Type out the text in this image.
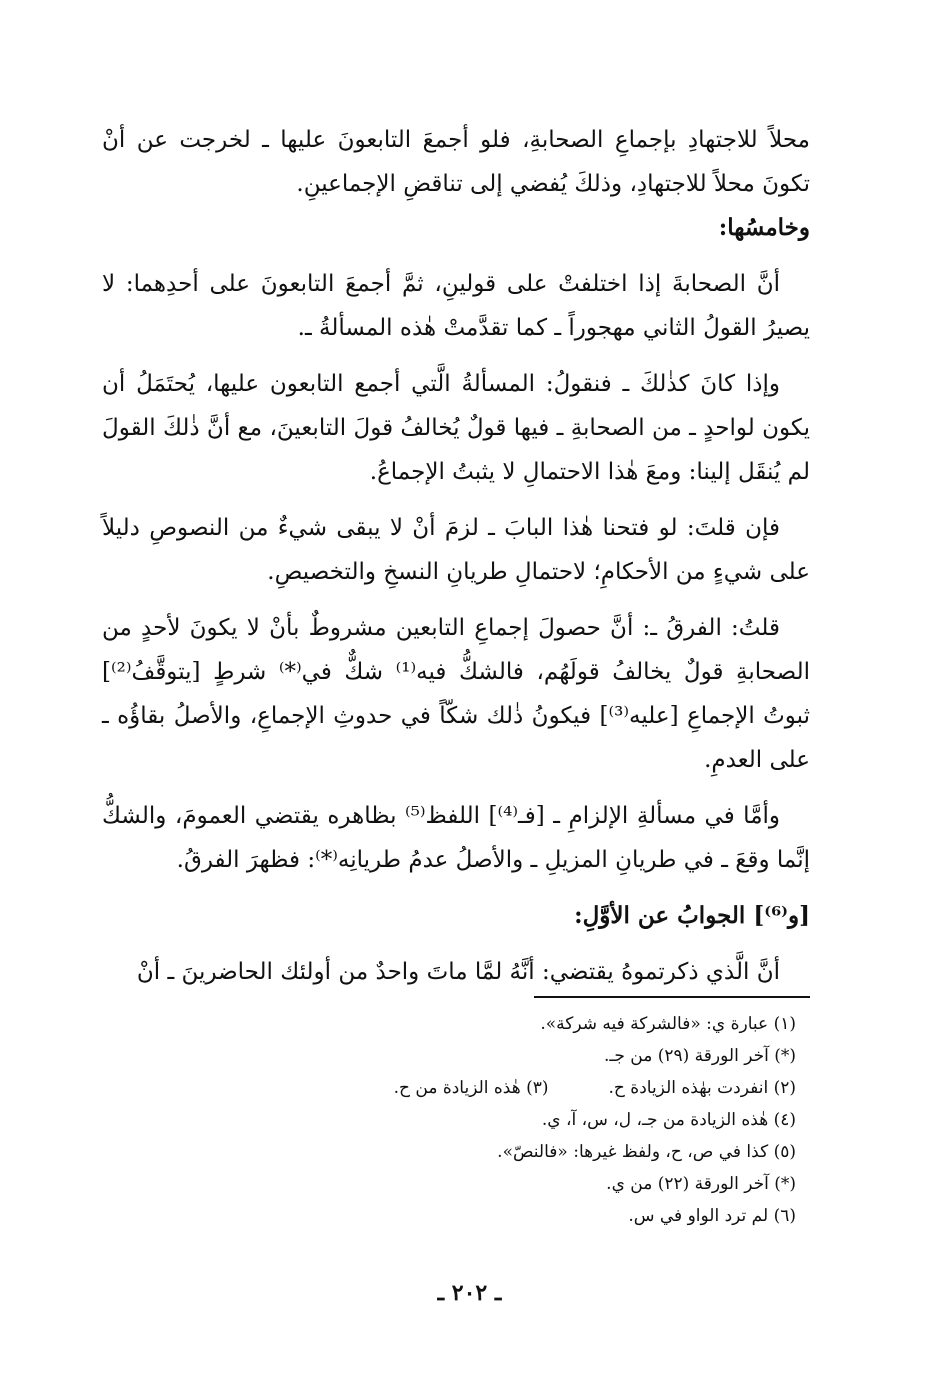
محلاً للاجتهادِ بإجماعِ الصحابةِ، فلو أجمعَ التابعونَ عليها ـ لخرجت عن أنْ تكونَ محلاً للاجتهادِ، وذلكَ يُفضي إلى تناقضِ الإجماعينِ.

وخامسُها:

أنَّ الصحابةَ إذا اختلفتْ على قولينِ، ثمَّ أجمعَ التابعونَ على أحدِهما: لا يصيرُ القولُ الثاني مهجوراً ـ كما تقدَّمتْ هٰذه المسألةُ ـ.

وإذا كانَ كذٰلكَ ـ فنقولُ: المسألةُ الَّتي أجمع التابعون عليها، يُحتَمَلُ أن يكون لواحدٍ ـ من الصحابةِ ـ فيها قولٌ يُخالفُ قولَ التابعينَ، مع أنَّ ذٰلكَ القولَ لم يُنقَل إلينا: ومعَ هٰذا الاحتمالِ لا يثبتُ الإجماعُ.

فإن قلتَ: لو فتحنا هٰذا البابَ ـ لزمَ أنْ لا يبقى شيءٌ من النصوصِ دليلاً على شيءٍ من الأحكامِ؛ لاحتمالِ طريانِ النسخِ والتخصيصِ.

قلتُ: الفرقُ ـ: أنَّ حصولَ إجماعِ التابعين مشروطٌ بأنْ لا يكونَ لأحدٍ من الصحابةِ قولٌ يخالفُ قولَهُم، فالشكُّ فيه⁽¹⁾ شكٌّ في⁽*⁾ شرطٍ [يتوقَّفُ⁽²⁾] ثبوتُ الإجماعِ [عليه⁽³⁾] فيكونُ ذٰلك شكّاً في حدوثِ الإجماعِ، والأصلُ بقاؤُه ـ على العدمِ.

وأمَّا في مسألةِ الإلزامِ ـ [فـ⁽⁴⁾] اللفظ⁽⁵⁾ بظاهره يقتضي العمومَ، والشكُّ إنَّما وقعَ ـ في طريانِ المزيلِ ـ والأصلُ عدمُ طريانِه⁽*⁾: فظهرَ الفرقُ.

[و⁽⁶⁾] الجوابُ عن الأوَّلِ:

أنَّ الَّذي ذكرتموهُ يقتضي: أنَّهُ لمَّا ماتَ واحدٌ من أولئك الحاضرينَ ـ أنْ

(١) عبارة ي: «فالشركة فيه شركة».

(*) آخر الورقة (٢٩) من جـ.

(٢) انفردت بهٰذه الزيادة ح.
(٣) هٰذه الزيادة من ح.

(٤) هٰذه الزيادة من جـ، ل، س، آ، ي.

(٥) كذا في ص، ح، ولفظ غيرها: «فالنصّ».

(*) آخر الورقة (٢٢) من ي.

(٦) لم ترد الواو في س.

ـ ٢٠٢ ـ
